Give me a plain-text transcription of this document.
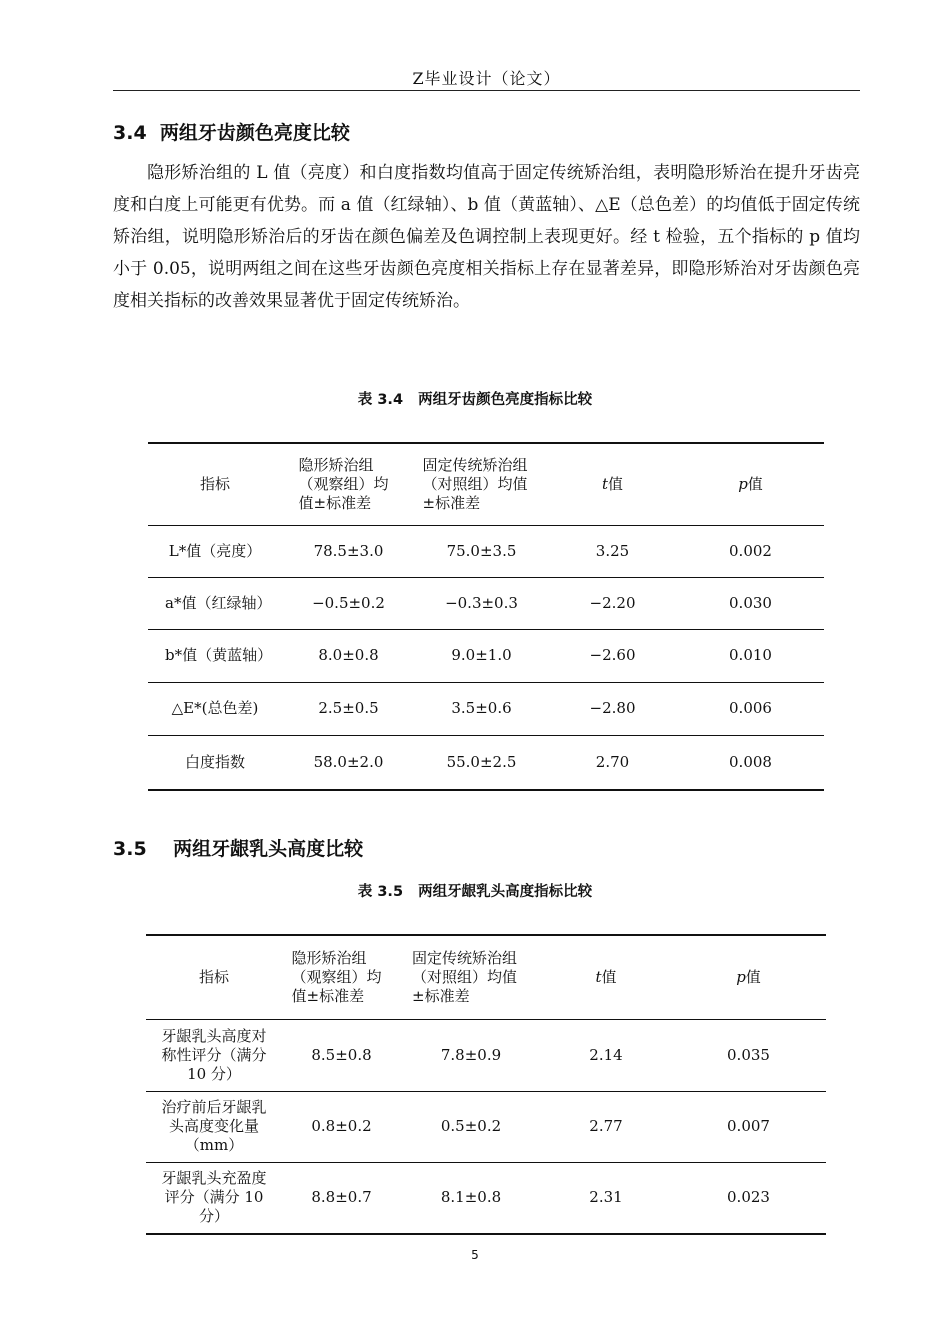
Z毕业设计（论文）
3.4  两组牙齿颜色亮度比较
隐形矫治组的 L 值（亮度）和白度指数均值高于固定传统矫治组，表明隐形矫治在提升牙齿亮度和白度上可能更有优势。而 a 值（红绿轴）、b 值（黄蓝轴）、△E（总色差）的均值低于固定传统矫治组，说明隐形矫治后的牙齿在颜色偏差及色调控制上表现更好。经 t 检验，五个指标的 p 值均小于 0.05，说明两组之间在这些牙齿颜色亮度相关指标上存在显著差异，即隐形矫治对牙齿颜色亮度相关指标的改善效果显著优于固定传统矫治。
表 3.4   两组牙齿颜色亮度指标比较
指标	隐形矫治组（观察组）均值±标准差	固定传统矫治组（对照组）均值±标准差	t值	p值
L*值（亮度）	78.5±3.0	75.0±3.5	3.25	0.002
a*值（红绿轴）	−0.5±0.2	−0.3±0.3	−2.20	0.030
b*值（黄蓝轴）	8.0±0.8	9.0±1.0	−2.60	0.010
△E*(总色差)	2.5±0.5	3.5±0.6	−2.80	0.006
白度指数	58.0±2.0	55.0±2.5	2.70	0.008
3.5    两组牙龈乳头高度比较
表 3.5   两组牙龈乳头高度指标比较
指标	隐形矫治组（观察组）均值±标准差	固定传统矫治组（对照组）均值±标准差	t值	p值
牙龈乳头高度对称性评分（满分 10 分）	8.5±0.8	7.8±0.9	2.14	0.035
治疗前后牙龈乳头高度变化量（mm）	0.8±0.2	0.5±0.2	2.77	0.007
牙龈乳头充盈度评分（满分 10 分）	8.8±0.7	8.1±0.8	2.31	0.023
5
